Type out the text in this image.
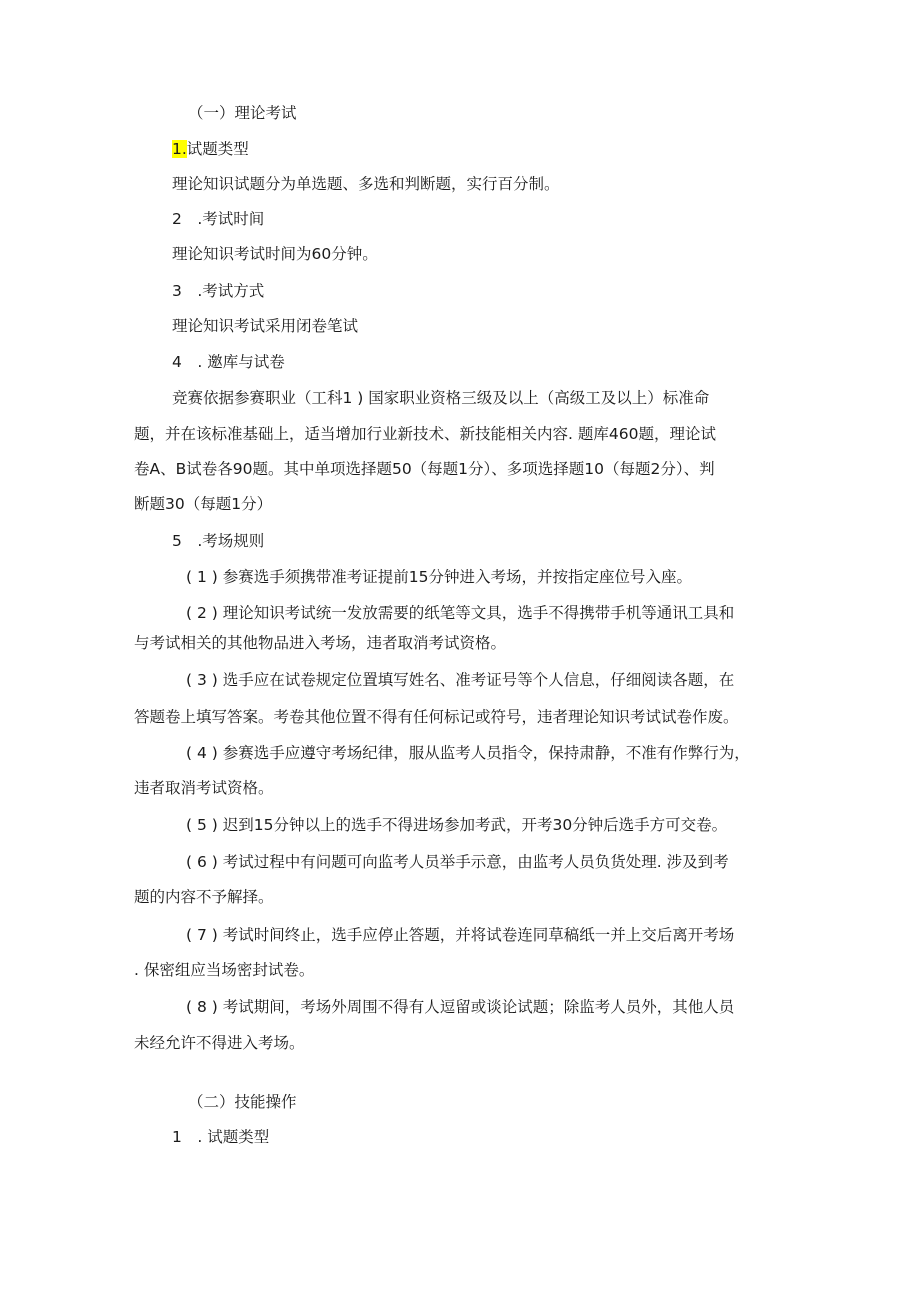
（一）理论考试
1.试题类型
理论知识试题分为单选题、多选和判断题，实行百分制。
2　.考试时间
理论知识考试时间为60分钟。
3　.考试方式
理论知识考试采用闭卷笔试
4　. 邀库与试卷
竞赛依据参赛职业（工科1 ) 国家职业资格三级及以上（高级工及以上）标准命
题，并在该标准基础上，适当增加行业新技术、新技能相关内容. 题库460题，理论试
卷A、B试卷各90题。其中单项选择题50（每题1分）、多项选择题10（每题2分）、判
断题30（每题1分）
5　.考场规则
( 1 ) 参赛选手须携带准考证提前15分钟进入考场，并按指定座位号入座。
( 2 ) 理论知识考试统一发放需要的纸笔等文具，选手不得携带手机等通讯工具和
与考试相关的其他物品进入考场，违者取消考试资格。
( 3 ) 选手应在试卷规定位置填写姓名、准考证号等个人信息，仔细阅读各题，在
答题卷上填写答案。考卷其他位置不得有任何标记或符号，违者理论知识考试试卷作废。
( 4 ) 参赛选手应遵守考场纪律，服从监考人员指令，保持肃静，不准有作弊行为，
违者取消考试资格。
( 5 ) 迟到15分钟以上的选手不得进场参加考武，开考30分钟后选手方可交卷。
( 6 ) 考试过程中有问题可向监考人员举手示意，由监考人员负货处理. 涉及到考
题的内容不予解择。
( 7 ) 考试时间终止，选手应停止答题，并将试卷连同草稿纸一并上交后离开考场
. 保密组应当场密封试卷。
( 8 ) 考试期间，考场外周围不得有人逗留或谈论试题；除监考人员外，其他人员
未经允许不得进入考场。
（二）技能操作
1　. 试题类型
